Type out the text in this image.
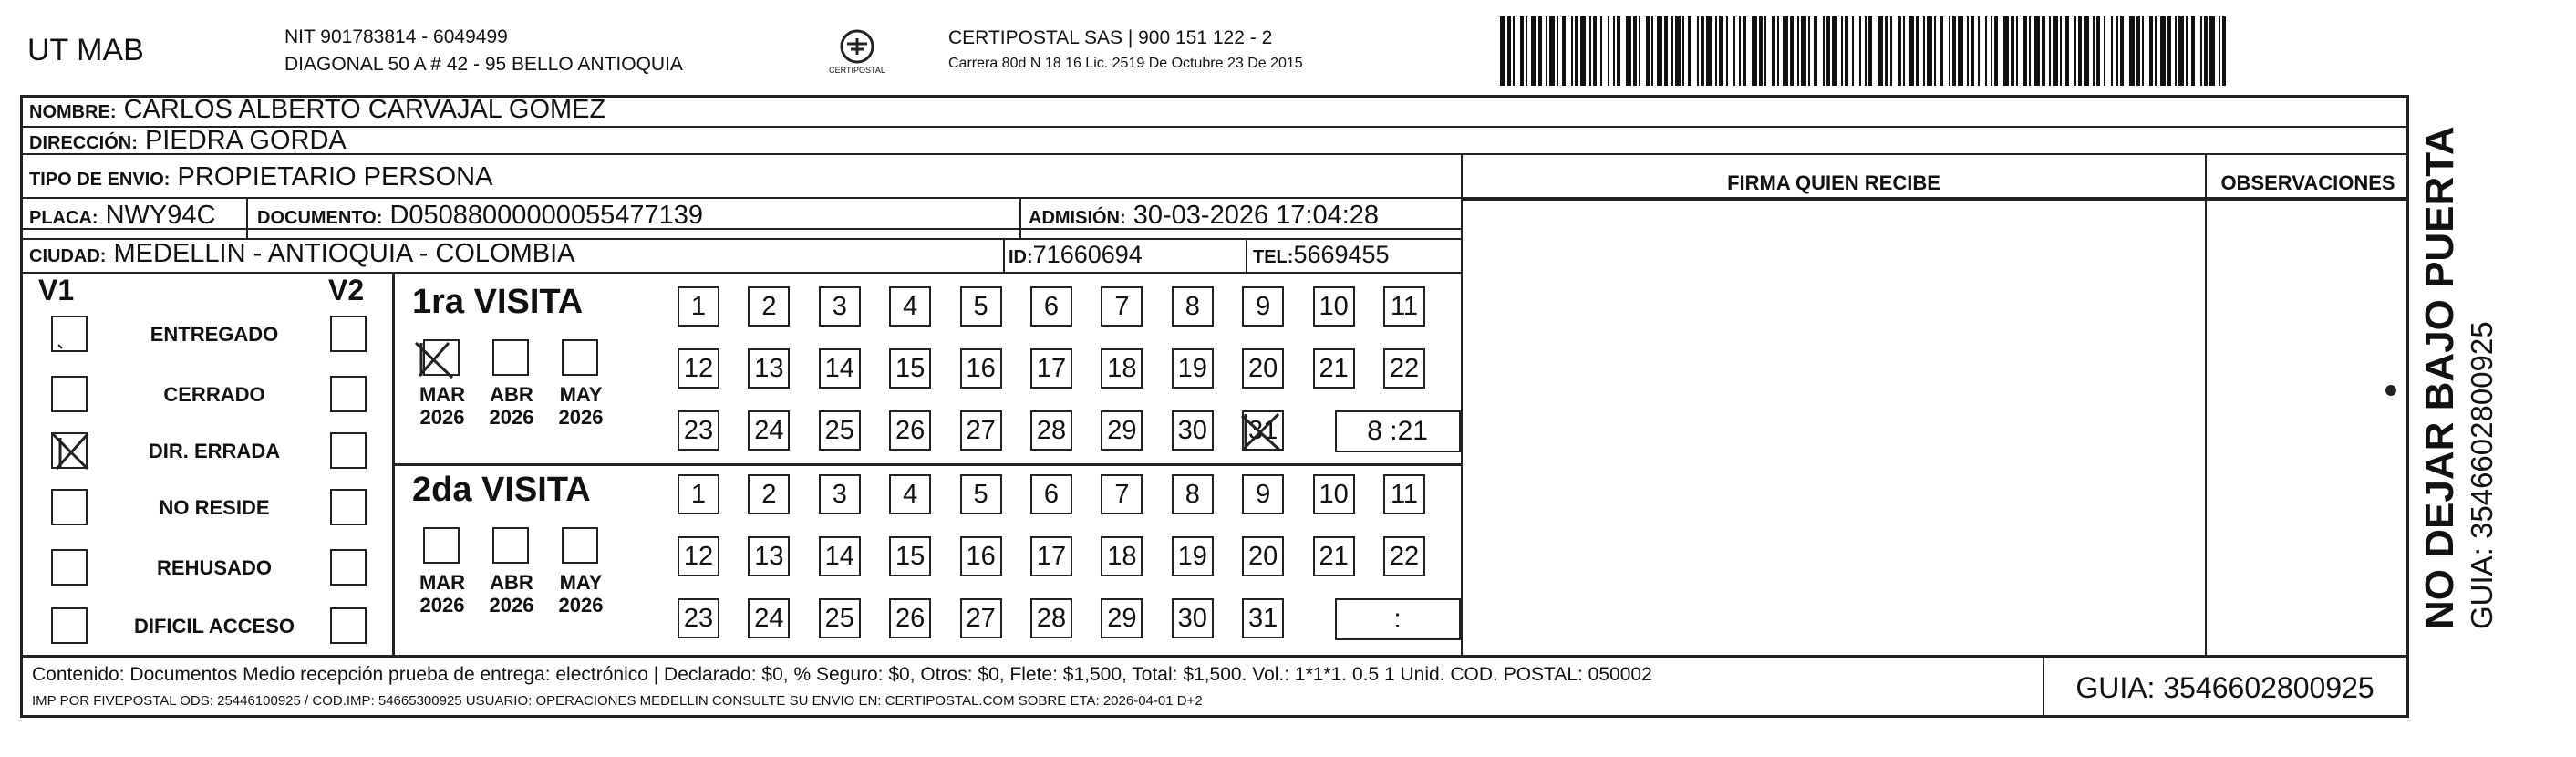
UT MAB	NIT 901783814 - 6049499
DIAGONAL 50 A # 42 - 95 BELLO ANTIOQUIA	CERTIPOSTAL
CERTIPOSTAL SAS | 900 151 122 - 2
Carrera 80d N 18 16 Lic. 2519 De Octubre 23 De 2015
NOMBRE: CARLOS ALBERTO CARVAJAL GOMEZ
DIRECCIÓN: PIEDRA GORDA
TIPO DE ENVIO: PROPIETARIO PERSONA
PLACA: NWY94C DOCUMENTO: D05088000000055477139	ADMISIÓN: 30-03-2026 17:04:28
CIUDAD: MEDELLIN - ANTIOQUIA - COLOMBIA	ID:71660694	TEL:5669455
FIRMA QUIEN RECIBE	OBSERVACIONES
V1	V2
ENTREGADO
CERRADO
DIR. ERRADA
NO RESIDE
REHUSADO
DIFICIL ACCESO
1ra VISITA
2da VISITA
MAR
2026
ABR
2026
MAY
2026
1	2	3	4	5	6	7	8	9	10 11
12 13 14 15 16 17 18 19 20 21 22
23 24 25 26 27 28 29 30 31	8 :21
MAR
2026
ABR
2026
MAY
2026
1	2	3	4	5	6	7	8	9	10 11
12 13 14 15 16 17 18 19 20 21 22
23 24 25 26 27 28 29 30 31	:
Contenido: Documentos Medio recepción prueba de entrega: electrónico | Declarado: $0, % Seguro: $0, Otros: $0, Flete: $1,500, Total: $1,500. Vol.: 1*1*1. 0.5 1 Unid. COD. POSTAL: 050002
IMP POR FIVEPOSTAL ODS: 25446100925 / COD.IMP: 54665300925 USUARIO: OPERACIONES MEDELLIN CONSULTE SU ENVIO EN: CERTIPOSTAL.COM SOBRE ETA: 2026-04-01 D+2	GUIA: 3546602800925
NO DEJAR BAJO PUERTA GUIA: 3546602800925
